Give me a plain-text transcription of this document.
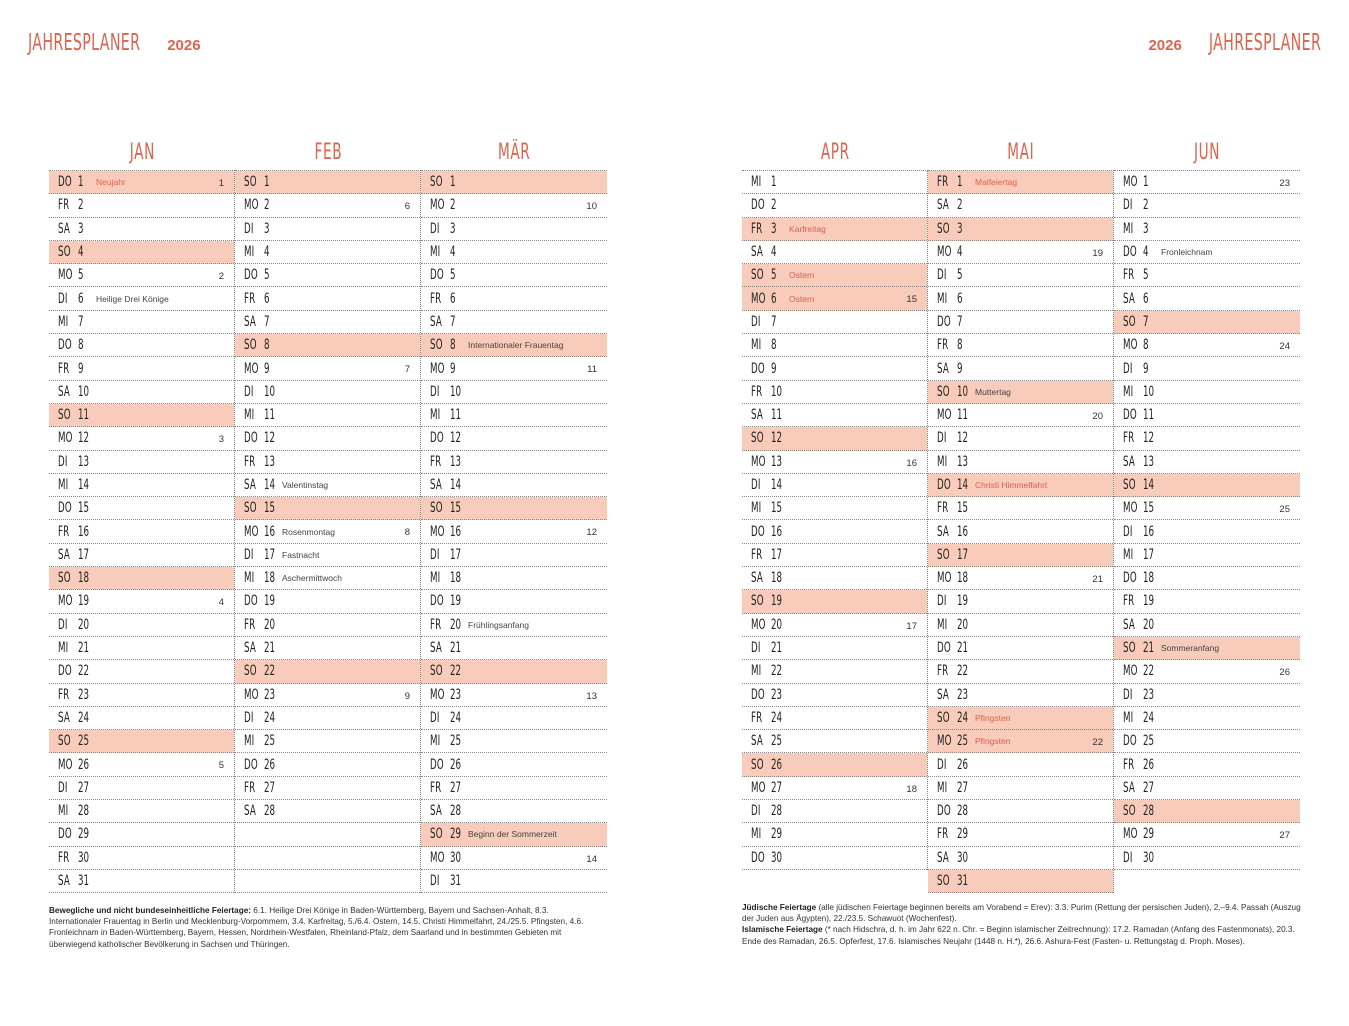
JAHRESPLANER 2026	2026 JAHRESPLANER
JAN
DO 1	Neujahr	1
FR 2
SA 3
SO 4
MO 5	2
DI 6	Heilige Drei Könige
MI 7
DO 8
FR 9
SA 10
SO 11
MO 12	3
DI 13
MI 14
DO 15
FR 16
SA 17
SO 18
MO 19	4
DI 20
MI 21
DO 22
FR 23
SA 24
SO 25
MO 26	5
DI 27
MI 28
DO 29
FR 30
SA 31
FEB
SO 1
MO 2	6
DI 3
MI 4
DO 5
FR 6
SA 7
SO 8
MO 9	7
DI 10
MI 11
DO 12
FR 13
SA 14 Valentinstag
SO 15
MO 16 Rosenmontag	8
DI 17 Fastnacht
MI 18 Aschermittwoch
DO 19
FR 20
SA 21
SO 22
MO 23	9
DI 24
MI 25
DO 26
FR 27
SA 28
MÄR
SO 1
MO 2	10
DI 3
MI 4
DO 5
FR 6
SA 7
SO 8	Internationaler Frauentag
MO 9	11
DI 10
MI 11
DO 12
FR 13
SA 14
SO 15
MO 16	12
DI 17
MI 18
DO 19
FR 20 Frühlingsanfang
SA 21
SO 22
MO 23	13
DI 24
MI 25
DO 26
FR 27
SA 28
SO 29 Beginn der Sommerzeit
MO 30	14
DI 31
APR
MI 1
DO 2
FR 3	Karfreitag
SA 4
SO 5	Ostern
MO 6	Ostern	15
DI 7
MI 8
DO 9
FR 10
SA 11
SO 12
MO 13	16
DI 14
MI 15
DO 16
FR 17
SA 18
SO 19
MO 20	17
DI 21
MI 22
DO 23
FR 24
SA 25
SO 26
MO 27	18
DI 28
MI 29
DO 30
MAI
FR 1	Maifeiertag
SA 2
SO 3
MO 4	19
DI 5
MI 6
DO 7
FR 8
SA 9
SO 10 Muttertag
MO 11	20
DI 12
MI 13
DO 14 Christi Himmelfahrt
FR 15
SA 16
SO 17
MO 18	21
DI 19
MI 20
DO 21
FR 22
SA 23
SO 24 Pfingsten
MO 25 Pfingsten	22
DI 26
MI 27
DO 28
FR 29
SA 30
SO 31
JUN
MO 1	23
DI 2
MI 3
DO 4	Fronleichnam
FR 5
SA 6
SO 7
MO 8	24
DI 9
MI 10
DO 11
FR 12
SA 13
SO 14
MO 15	25
DI 16
MI 17
DO 18
FR 19
SA 20
SO 21 Sommeranfang
MO 22	26
DI 23
MI 24
DO 25
FR 26
SA 27
SO 28
MO 29	27
DI 30
Bewegliche und nicht bundeseinheitliche Feiertage: 6.1. Heilige Drei Könige in Baden-Württemberg, Bayern und Sachsen-Anhalt, 8.3. Internationaler Frauentag in Berlin und Mecklenburg-Vorpommern, 3.4. Karfreitag, 5./6.4. Ostern, 14.5. Christi Himmelfahrt, 24./25.5. Pfingsten, 4.6. Fronleichnam in Baden-Württemberg, Bayern, Hessen, Nordrhein-Westfalen, Rheinland-Pfalz, dem Saarland und in bestimmten Gebieten mit überwiegend katholischer Bevölkerung in Sachsen und Thüringen.
Jüdische Feiertage (alle jüdischen Feiertage beginnen bereits am Vorabend = Erev): 3.3. Purim (Rettung der persischen Juden), 2.–9.4. Passah (Auszug der Juden aus Ägypten), 22./23.5. Schawuot (Wochenfest).
Islamische Feiertage (* nach Hidschra, d. h. im Jahr 622 n. Chr. = Beginn islamischer Zeitrechnung): 17.2. Ramadan (Anfang des Fastenmonats), 20.3. Ende des Ramadan, 26.5. Opferfest, 17.6. Islamisches Neujahr (1448 n. H.*), 26.6. Ashura-Fest (Fasten- u. Rettungstag d. Proph. Moses).
